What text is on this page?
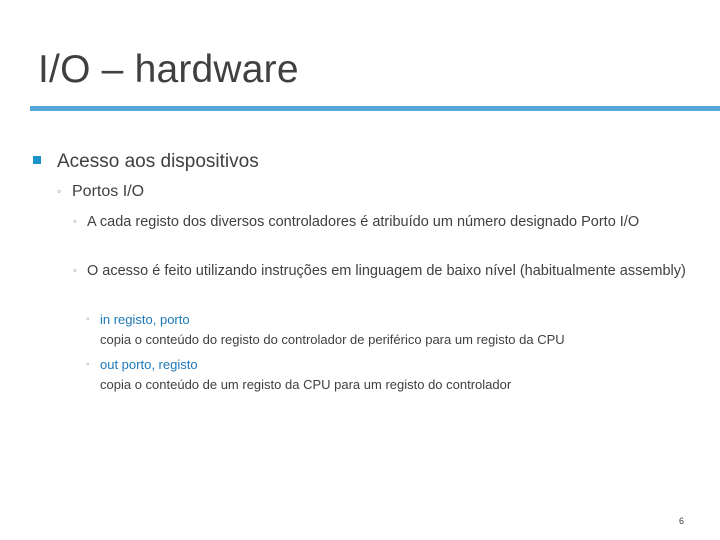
I/O – hardware
Acesso aos dispositivos
◦ Portos I/O
◦ A cada registo dos diversos controladores é atribuído um número designado Porto I/O
◦ O acesso é feito utilizando instruções em linguagem de baixo nível (habitualmente assembly)
◦ in registo, porto
copia o conteúdo do registo do controlador de periférico para um registo da CPU
◦ out porto, registo
copia o conteúdo de um registo da CPU para um registo do controlador
6
